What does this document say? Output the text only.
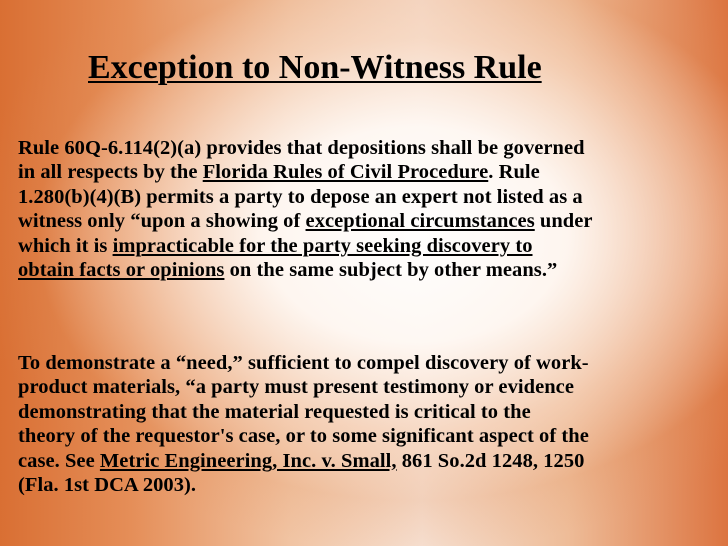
Exception to Non-Witness Rule

Rule 60Q-6.114(2)(a) provides that depositions shall be governed
in all respects by the Florida Rules of Civil Procedure. Rule
1.280(b)(4)(B) permits a party to depose an expert not listed as a
witness only “upon a showing of exceptional circumstances under
which it is impracticable for the party seeking discovery to
obtain facts or opinions on the same subject by other means.”

To demonstrate a “need,” sufficient to compel discovery of work-
product materials, “a party must present testimony or evidence
demonstrating that the material requested is critical to the
theory of the requestor's case, or to some significant aspect of the
case. See Metric Engineering, Inc. v. Small, 861 So.2d 1248, 1250
(Fla. 1st DCA 2003).
